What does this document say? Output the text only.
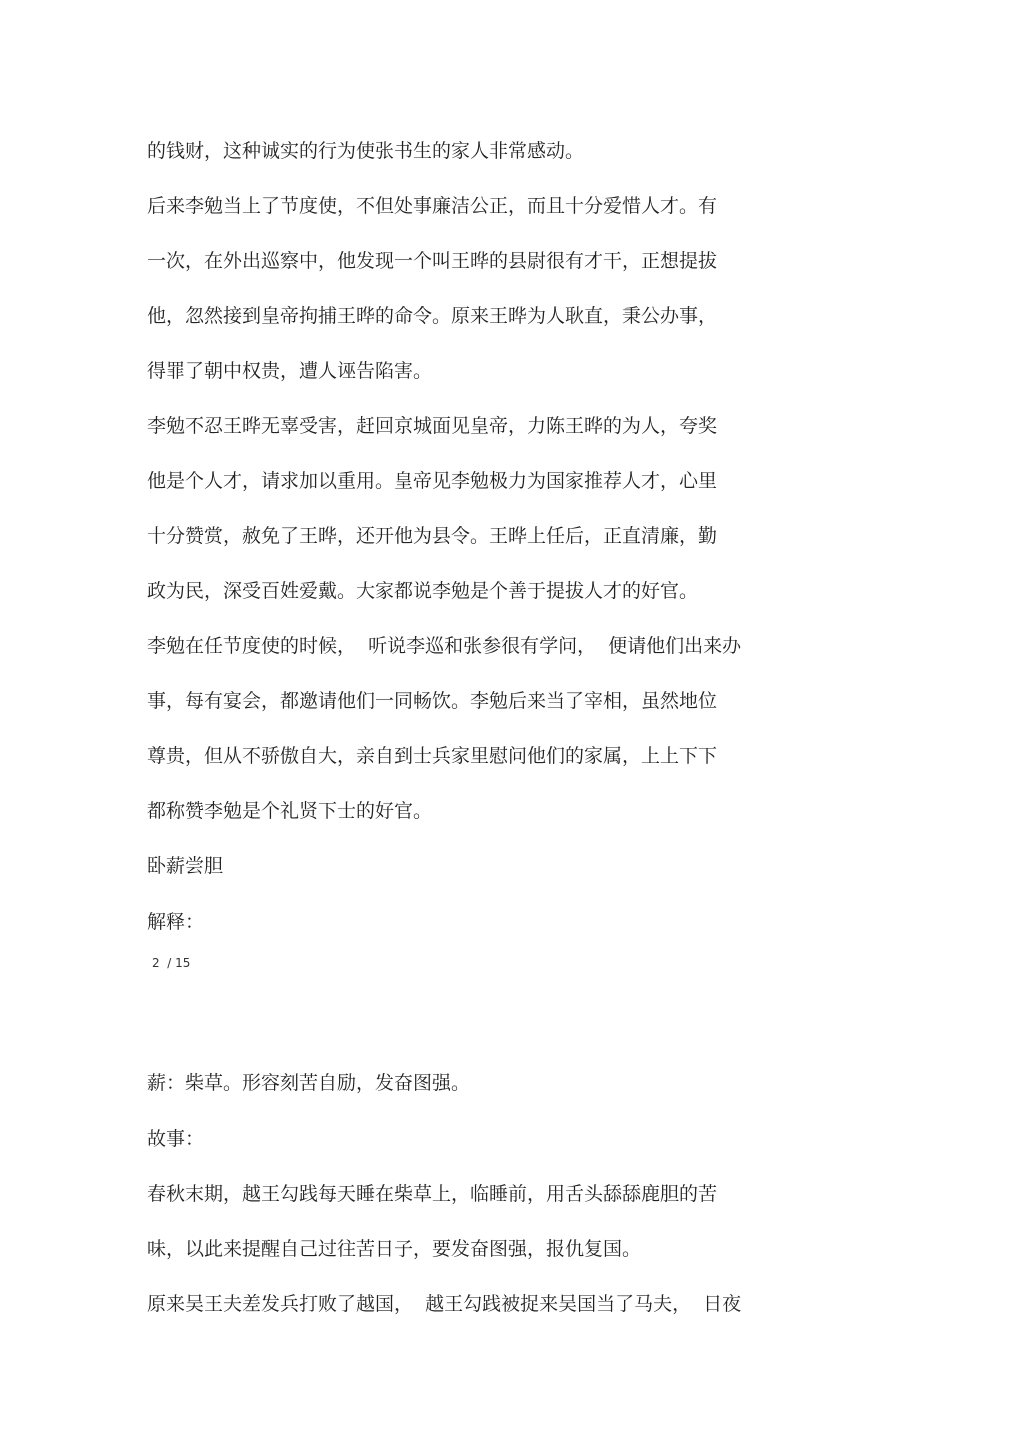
的钱财，这种诚实的行为使张书生的家人非常感动。

后来李勉当上了节度使，不但处事廉洁公正，而且十分爱惜人才。有

一次，在外出巡察中，他发现一个叫王晔的县尉很有才干，正想提拔

他，忽然接到皇帝拘捕王晔的命令。原来王晔为人耿直，秉公办事，

得罪了朝中权贵，遭人诬告陷害。

李勉不忍王晔无辜受害，赶回京城面见皇帝，力陈王晔的为人，夸奖

他是个人才，请求加以重用。皇帝见李勉极力为国家推荐人才，心里

十分赞赏，赦免了王晔，还开他为县令。王晔上任后，正直清廉，勤

政为民，深受百姓爱戴。大家都说李勉是个善于提拔人才的好官。

李勉在任节度使的时候，  听说李巡和张参很有学问，  便请他们出来办

事，每有宴会，都邀请他们一同畅饮。李勉后来当了宰相，虽然地位

尊贵，但从不骄傲自大，亲自到士兵家里慰问他们的家属，上上下下

都称赞李勉是个礼贤下士的好官。

卧薪尝胆

解释：

2  / 15

薪：柴草。形容刻苦自励，发奋图强。

故事：

春秋末期，越王勾践每天睡在柴草上，临睡前，用舌头舔舔鹿胆的苦

味，以此来提醒自己过往苦日子，要发奋图强，报仇复国。

原来吴王夫差发兵打败了越国，  越王勾践被捉来吴国当了马夫，  日夜
